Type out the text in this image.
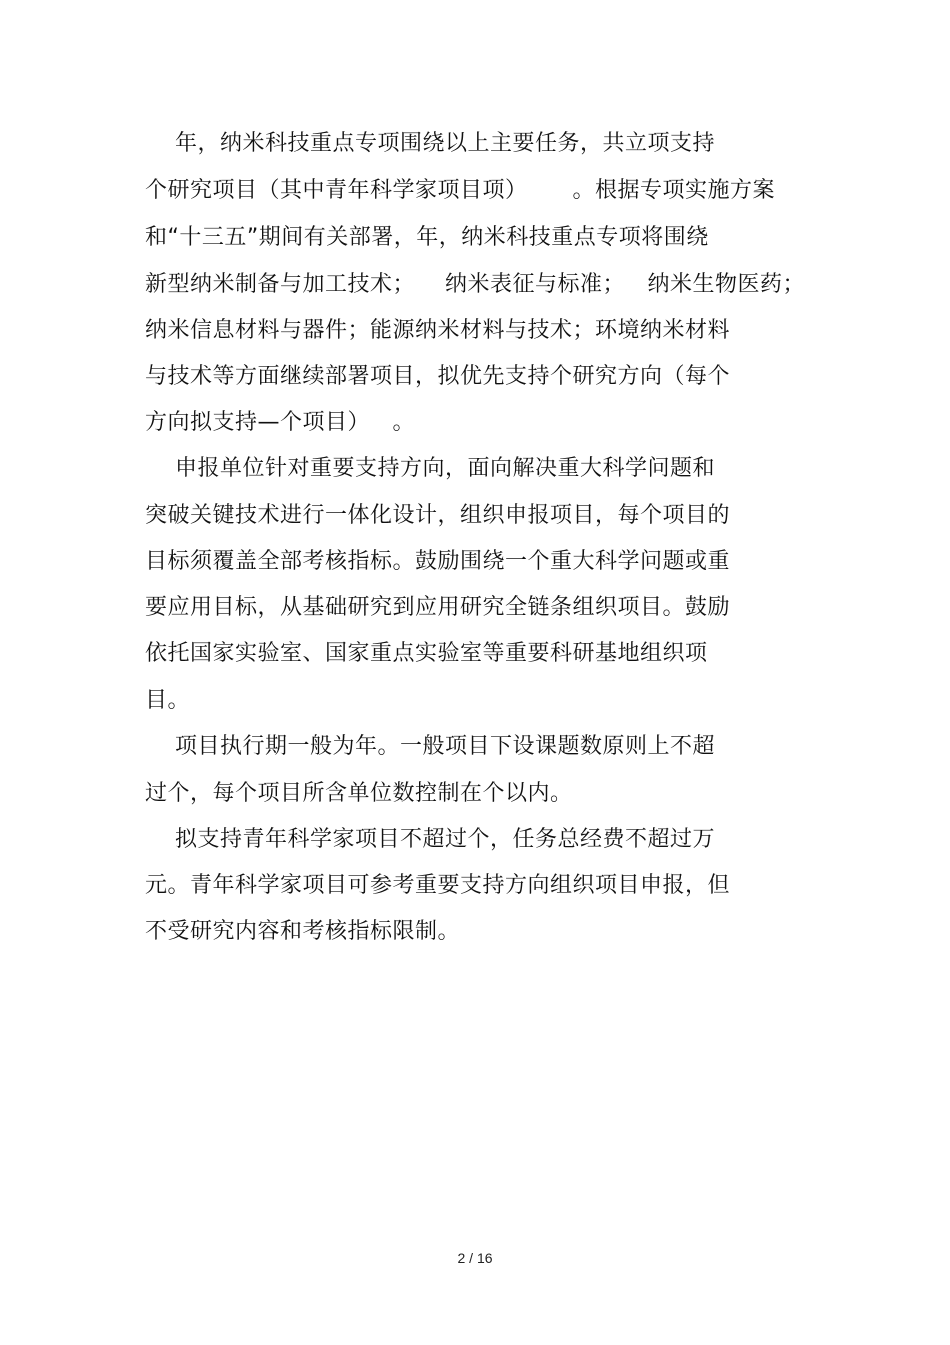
年，纳米科技重点专项围绕以上主要任务，共立项支持
个研究项目（其中青年科学家项目项）      。根据专项实施方案
和“十三五”期间有关部署，年，纳米科技重点专项将围绕
新型纳米制备与加工技术；    纳米表征与标准；   纳米生物医药；
纳米信息材料与器件；能源纳米材料与技术；环境纳米材料
与技术等方面继续部署项目，拟优先支持个研究方向（每个
方向拟支持—个项目）   。
申报单位针对重要支持方向，面向解决重大科学问题和
突破关键技术进行一体化设计，组织申报项目，每个项目的
目标须覆盖全部考核指标。鼓励围绕一个重大科学问题或重
要应用目标，从基础研究到应用研究全链条组织项目。鼓励
依托国家实验室、国家重点实验室等重要科研基地组织项
目。
项目执行期一般为年。一般项目下设课题数原则上不超
过个，每个项目所含单位数控制在个以内。
拟支持青年科学家项目不超过个，任务总经费不超过万
元。青年科学家项目可参考重要支持方向组织项目申报，但
不受研究内容和考核指标限制。
2 / 16
